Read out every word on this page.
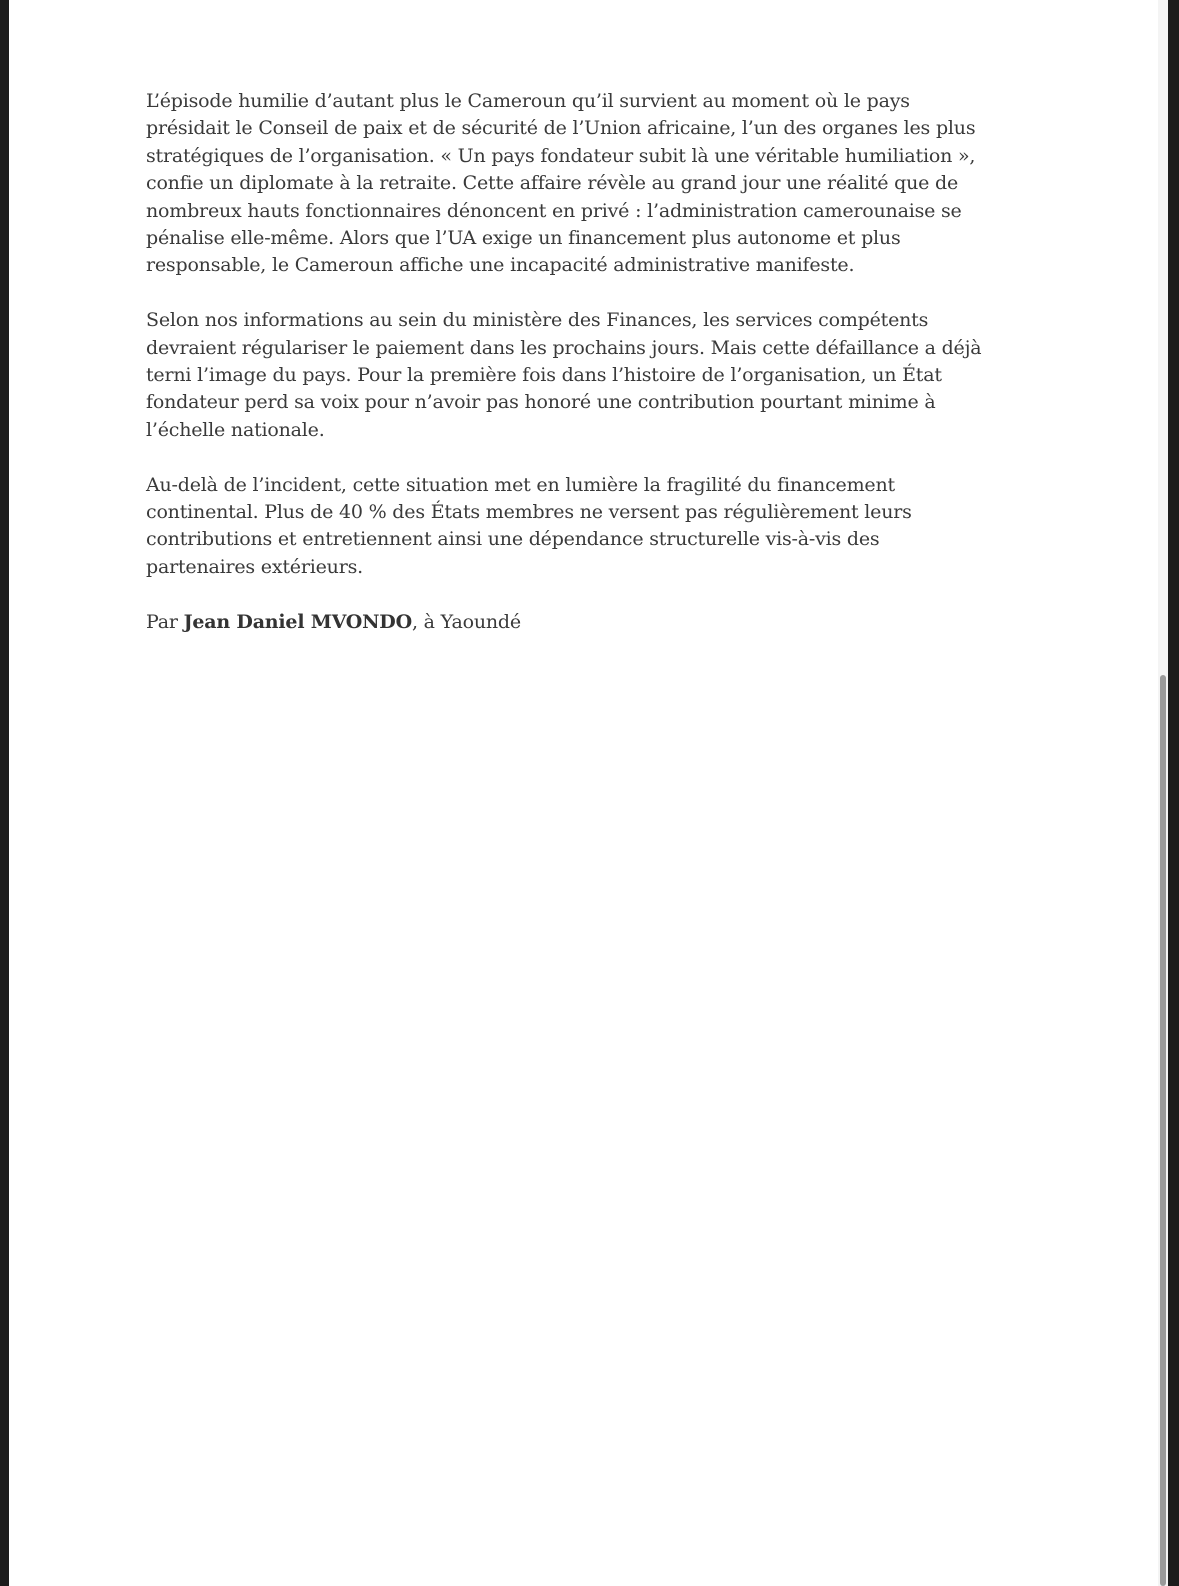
L’épisode humilie d’autant plus le Cameroun qu’il survient au moment où le pays
présidait le Conseil de paix et de sécurité de l’Union africaine, l’un des organes les plus
stratégiques de l’organisation. « Un pays fondateur subit là une véritable humiliation »,
confie un diplomate à la retraite. Cette affaire révèle au grand jour une réalité que de
nombreux hauts fonctionnaires dénoncent en privé : l’administration camerounaise se
pénalise elle-même. Alors que l’UA exige un financement plus autonome et plus
responsable, le Cameroun affiche une incapacité administrative manifeste.

Selon nos informations au sein du ministère des Finances, les services compétents
devraient régulariser le paiement dans les prochains jours. Mais cette défaillance a déjà
terni l’image du pays. Pour la première fois dans l’histoire de l’organisation, un État
fondateur perd sa voix pour n’avoir pas honoré une contribution pourtant minime à
l’échelle nationale.

Au-delà de l’incident, cette situation met en lumière la fragilité du financement
continental. Plus de 40 % des États membres ne versent pas régulièrement leurs
contributions et entretiennent ainsi une dépendance structurelle vis-à-vis des
partenaires extérieurs.

Par Jean Daniel MVONDO, à Yaoundé
